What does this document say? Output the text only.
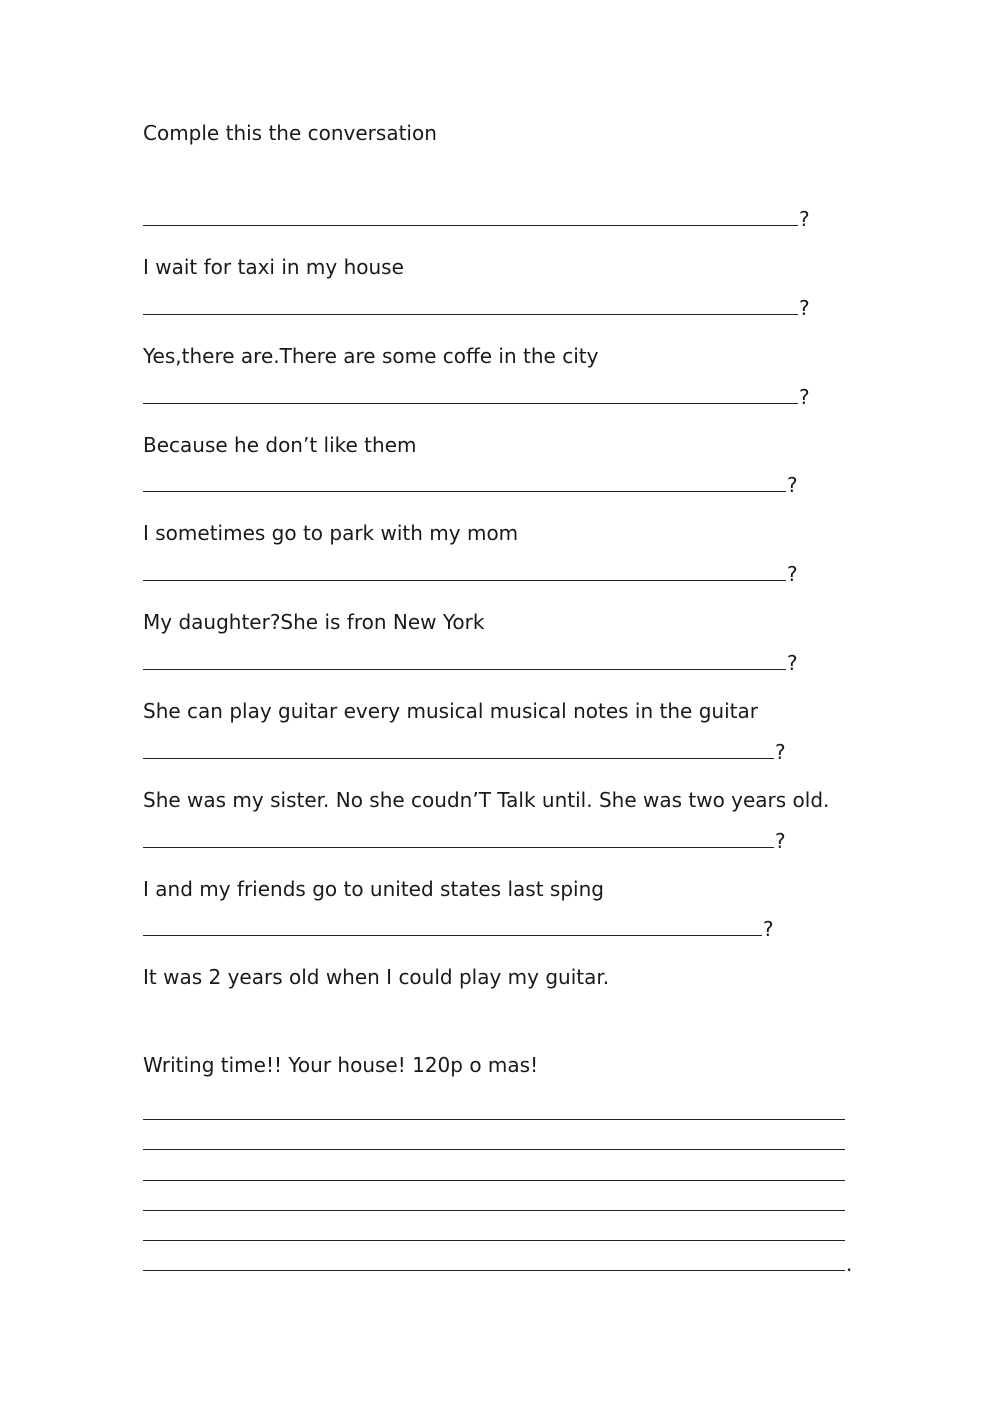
Comple this the conversation
?
I wait for taxi in my house
?
Yes,there are.There are some coffe in the city
?
Because he don’t like them
?
I sometimes go to park with my mom
?
My daughter?She is fron New York
?
She can play guitar every musical musical notes in the guitar
?
She was my sister. No she coudn’T Talk until. She was two years old.
?
I and my friends go to united states last sping
?
It was 2 years old when I could play my guitar.
Writing time!! Your house! 120p o mas!
.
